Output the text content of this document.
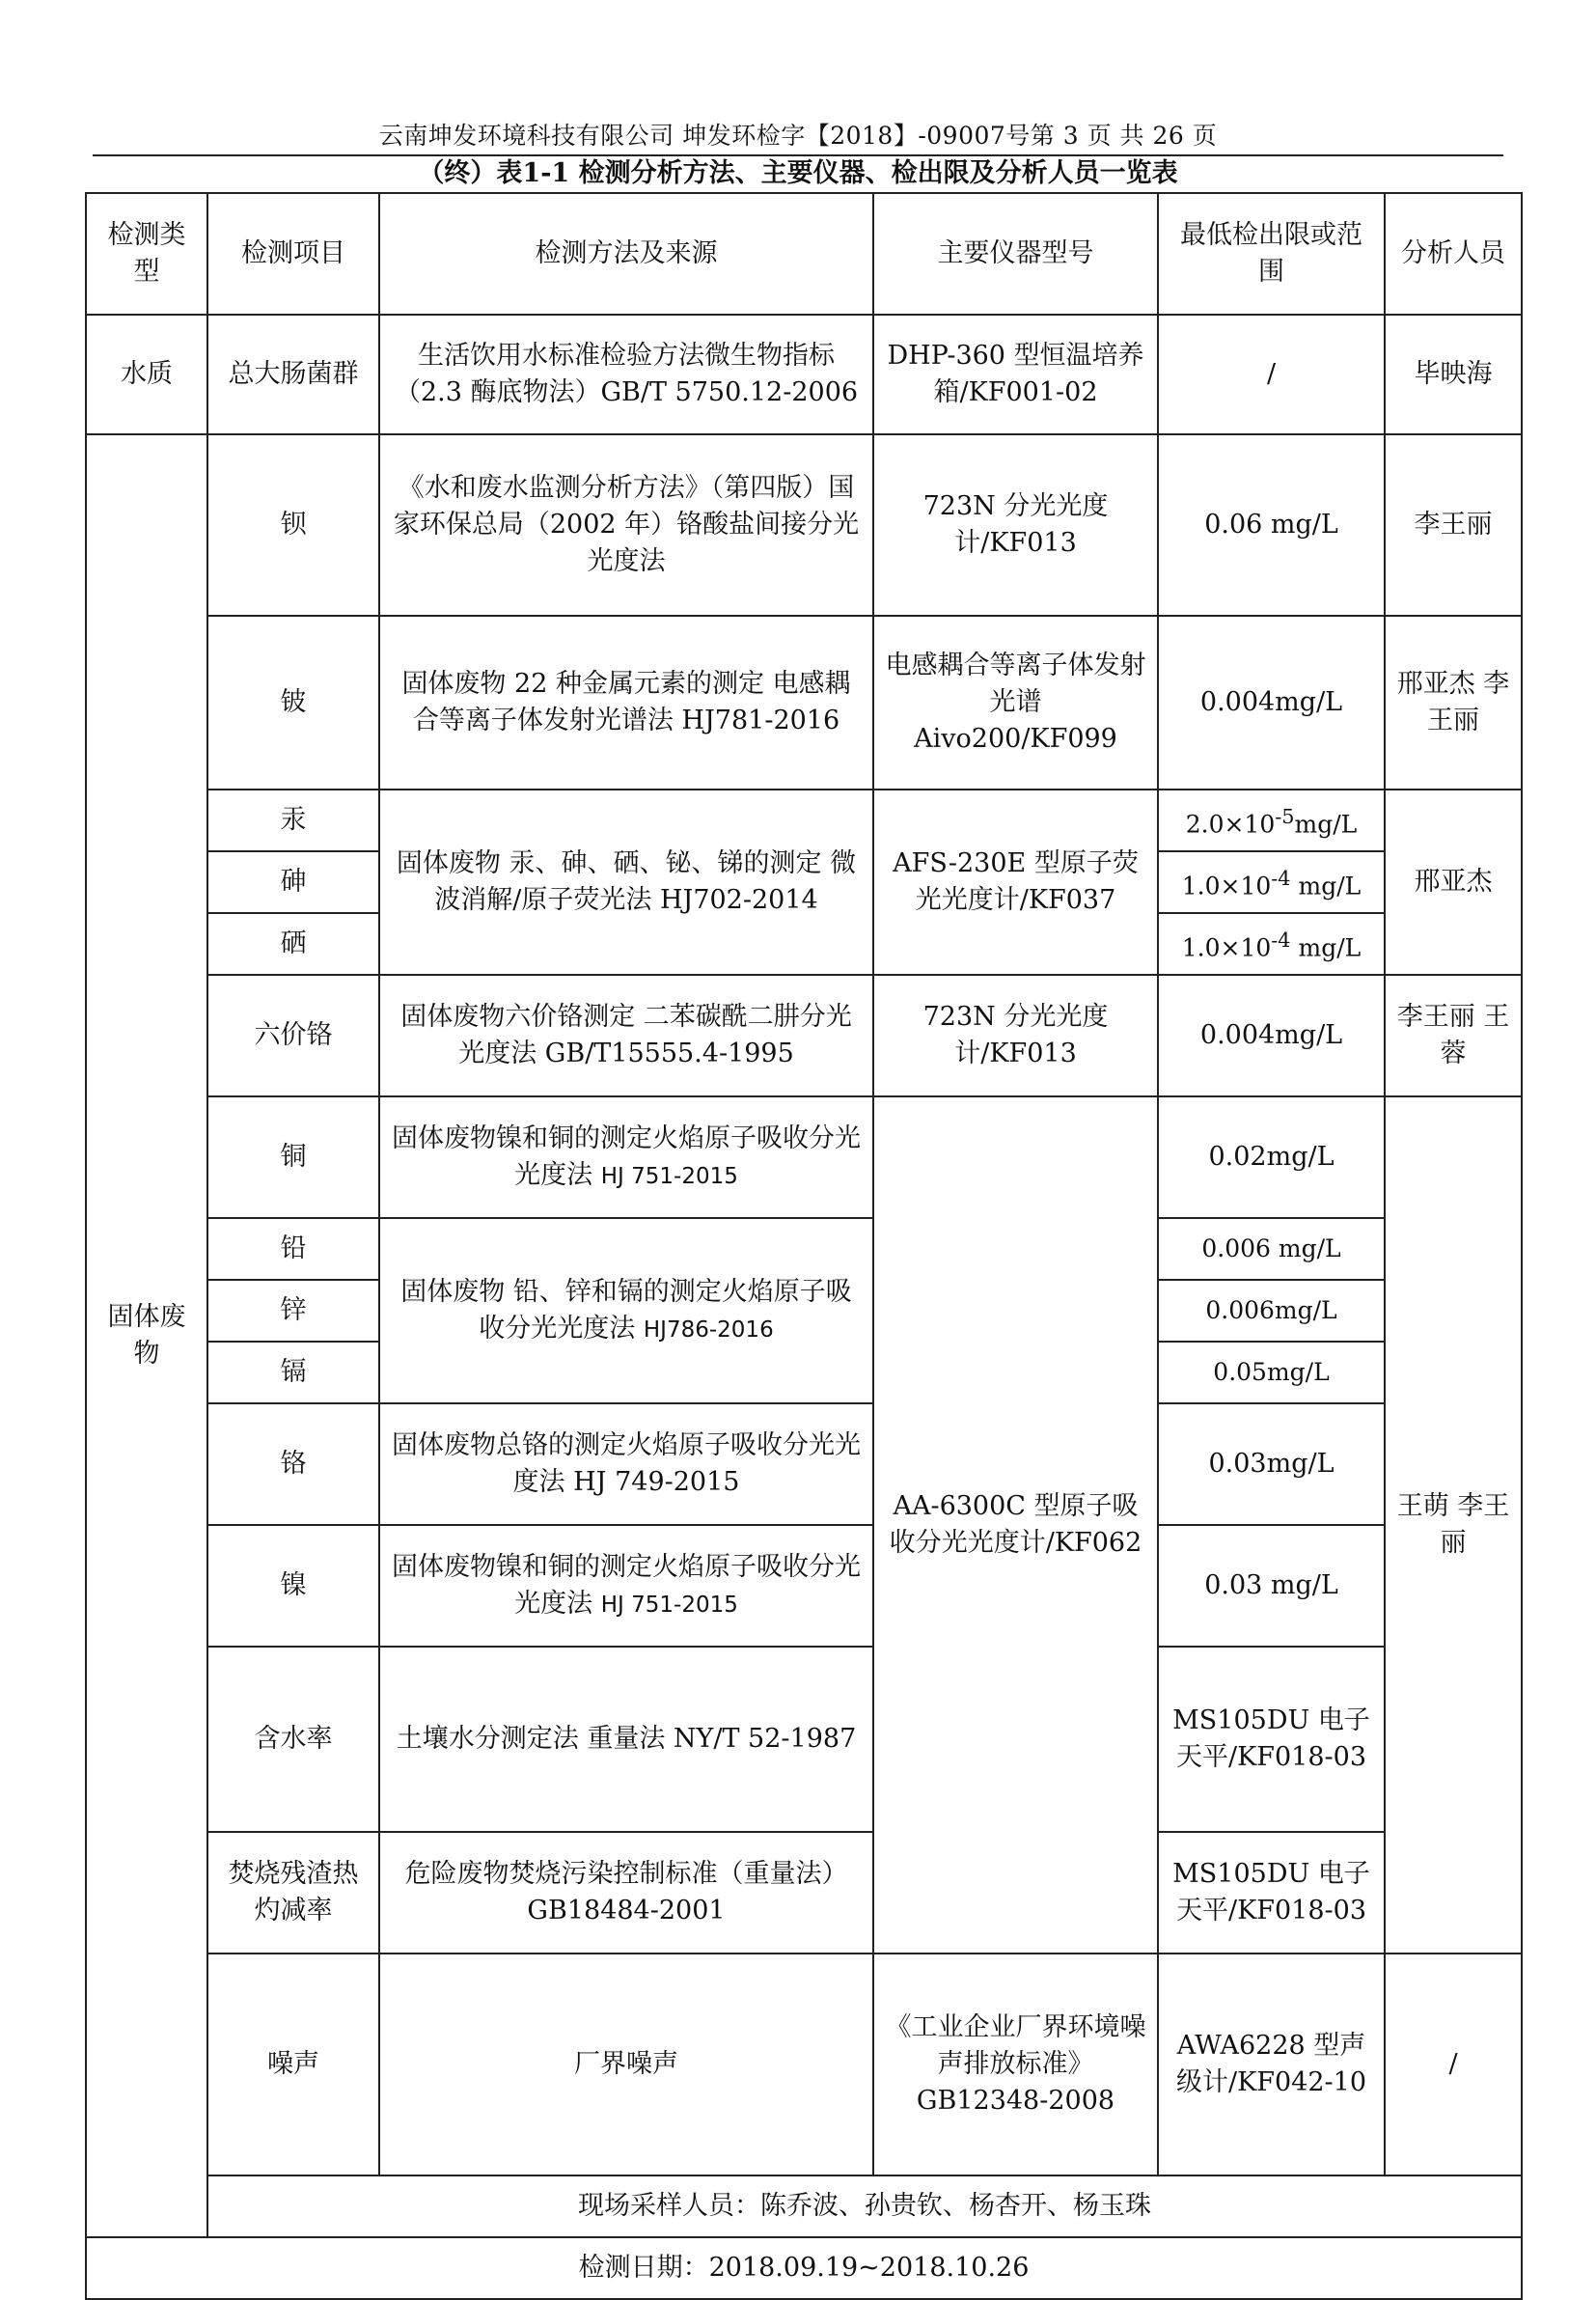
云南坤发环境科技有限公司 坤发环检字【2018】-09007号第 3 页 共 26 页
（终）表1-1 检测分析方法、主要仪器、检出限及分析人员一览表
检测类型	检测项目	检测方法及来源	主要仪器型号	最低检出限或范围	分析人员	
水质	总大肠菌群	生活饮用水标准检验方法微生物指标（2.3 酶底物法）GB/T 5750.12-2006	DHP-360 型恒温培养箱/KF001-02	/	毕映海	
固体废物	钡	《水和废水监测分析方法》（第四版）国家环保总局（2002 年）铬酸盐间接分光光度法	723N 分光光度计/KF013	0.06 mg/L	李王丽	
	铍	固体废物 22 种金属元素的测定 电感耦合等离子体发射光谱法 HJ781-2016	电感耦合等离子体发射光谱 Aivo200/KF099	0.004mg/L	邢亚杰 李王丽	
	汞	固体废物 汞、砷、硒、铋、锑的测定 微波消解/原子荧光法 HJ702-2014	AFS-230E 型原子荧光光度计/KF037	$2.0\times 10^{-5}mg/L$	邢亚杰	
	砷			$1.0\times 10^{-4}$ mg/L		
	硒			$1.0\times 10^{-4}$ mg/L		
	六价铬	固体废物六价铬测定 二苯碳酰二肼分光光度法 GB/T15555.4-1995	723N 分光光度计/KF013	0.004mg/L	李王丽 王蓉	
	铜	固体废物镍和铜的测定火焰原子吸收分光光度法 HJ 751-2015	AA-6300C 型原子吸收分光光度计/KF062	0.02mg/L	王萌 李王丽	
	铅	固体废物 铅、锌和镉的测定火焰原子吸收分光光度法 HJ786-2016		0.006 mg/L		
	锌			0.006mg/L		
	镉			0.05mg/L		
	铬	固体废物总铬的测定火焰原子吸收分光光度法 HJ 749-2015		0.03mg/L		
	镍	固体废物镍和铜的测定火焰原子吸收分光光度法 HJ 751-2015		0.03 mg/L		
	含水率	土壤水分测定法 重量法 NY/T 52-1987		MS105DU 电子天平/KF018-03		
	焚烧残渣热灼减率	危险废物焚烧污染控制标准（重量法）GB18484-2001		MS105DU 电子天平/KF018-03		
	噪声	厂界噪声	《工业企业厂界环境噪声排放标准》GB12348-2008	AWA6228 型声级计/KF042-10	/	
	现场采样人员：陈乔波、孙贵钦、杨杏开、杨玉珠					
检测日期：2018.09.19~2018.10.26						
